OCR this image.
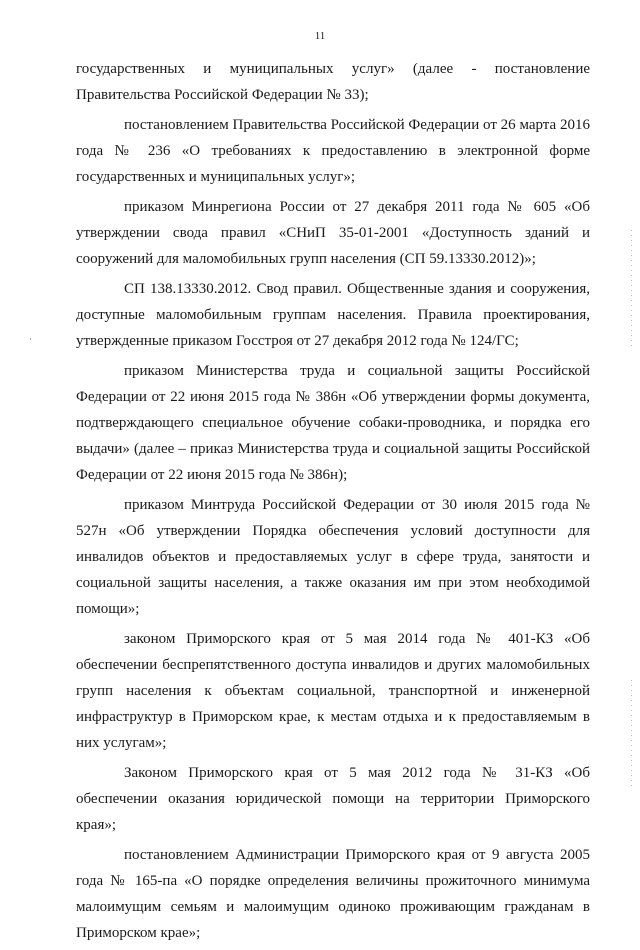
11

государственных и муниципальных услуг» (далее - постановление Правительства Российской Федерации № 33);

постановлением Правительства Российской Федерации от 26 марта 2016 года № 236 «О требованиях к предоставлению в электронной форме государственных и муниципальных услуг»;

приказом Минрегиона России от 27 декабря 2011 года № 605 «Об утверждении свода правил «СНиП 35-01-2001 «Доступность зданий и сооружений для маломобильных групп населения (СП 59.13330.2012)»;

СП 138.13330.2012. Свод правил. Общественные здания и сооружения, доступные маломобильным группам населения. Правила проектирования, утвержденные приказом Госстроя от 27 декабря 2012 года № 124/ГС;

приказом Министерства труда и социальной защиты Российской Федерации от 22 июня 2015 года № 386н «Об утверждении формы документа, подтверждающего специальное обучение собаки-проводника, и порядка его выдачи» (далее – приказ Министерства труда и социальной защиты Российской Федерации от 22 июня 2015 года № 386н);

приказом Минтруда Российской Федерации от 30 июля 2015 года № 527н «Об утверждении Порядка обеспечения условий доступности для инвалидов объектов и предоставляемых услуг в сфере труда, занятости и социальной защиты населения, а также оказания им при этом необходимой помощи»;

законом Приморского края от 5 мая 2014 года № 401-КЗ «Об обеспечении беспрепятственного доступа инвалидов и других маломобильных групп населения к объектам социальной, транспортной и инженерной инфраструктур в Приморском крае, к местам отдыха и к предоставляемым в них услугам»;

Законом Приморского края от 5 мая 2012 года № 31-КЗ «Об обеспечении оказания юридической помощи на территории Приморского края»;

постановлением Администрации Приморского края от 9 августа 2005 года № 165-па «О порядке определения величины прожиточного минимума малоимущим семьям и малоимущим одиноко проживающим гражданам в Приморском крае»;
